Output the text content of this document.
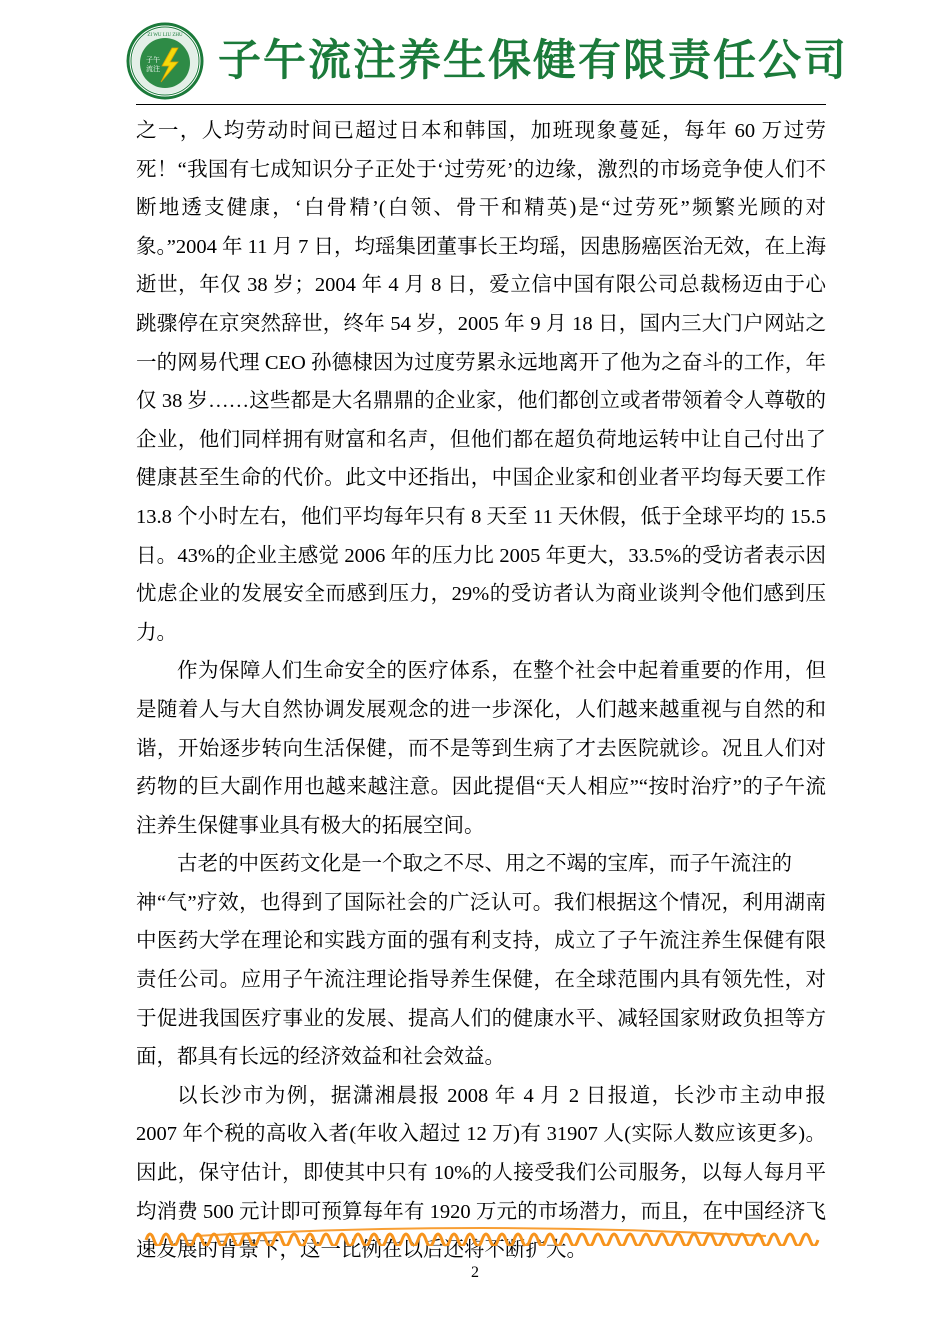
ZI WU LIU ZHU
子午
流注 子午流注养生保健有限责任公司

之一，人均劳动时间已超过日本和韩国，加班现象蔓延，每年 60 万过劳死！“我国有七成知识分子正处于‘过劳死’的边缘，激烈的市场竞争使人们不断地透支健康，‘白骨精’(白领、骨干和精英)是“过劳死”频繁光顾的对象。”2004 年 11 月 7 日，均瑶集团董事长王均瑶，因患肠癌医治无效，在上海逝世，年仅 38 岁；2004 年 4 月 8 日，爱立信中国有限公司总裁杨迈由于心跳骤停在京突然辞世，终年 54 岁，2005 年 9 月 18 日，国内三大门户网站之一的网易代理 CEO 孙德棣因为过度劳累永远地离开了他为之奋斗的工作，年仅 38 岁……这些都是大名鼎鼎的企业家，他们都创立或者带领着令人尊敬的企业，他们同样拥有财富和名声，但他们都在超负荷地运转中让自己付出了健康甚至生命的代价。此文中还指出，中国企业家和创业者平均每天要工作 13.8 个小时左右，他们平均每年只有 8 天至 11 天休假，低于全球平均的 15.5 日。43%的企业主感觉 2006 年的压力比 2005 年更大，33.5%的受访者表示因忧虑企业的发展安全而感到压力，29%的受访者认为商业谈判令他们感到压力。

作为保障人们生命安全的医疗体系，在整个社会中起着重要的作用，但是随着人与大自然协调发展观念的进一步深化，人们越来越重视与自然的和谐，开始逐步转向生活保健，而不是等到生病了才去医院就诊。况且人们对药物的巨大副作用也越来越注意。因此提倡“天人相应”“按时治疗”的子午流注养生保健事业具有极大的拓展空间。

古老的中医药文化是一个取之不尽、用之不竭的宝库，而子午流注的

神“气”疗效，也得到了国际社会的广泛认可。我们根据这个情况，利用湖南中医药大学在理论和实践方面的强有利支持，成立了子午流注养生保健有限责任公司。应用子午流注理论指导养生保健，在全球范围内具有领先性，对于促进我国医疗事业的发展、提高人们的健康水平、减轻国家财政负担等方面，都具有长远的经济效益和社会效益。

以长沙市为例，据潇湘晨报 2008 年 4 月 2 日报道，长沙市主动申报 2007 年个税的高收入者(年收入超过 12 万)有 31907 人(实际人数应该更多)。因此，保守估计，即使其中只有 10%的人接受我们公司服务，以每人每月平均消费 500 元计即可预算每年有 1920 万元的市场潜力，而且，在中国经济飞速发展的背景下，这一比例在以后还将不断扩大。

2
